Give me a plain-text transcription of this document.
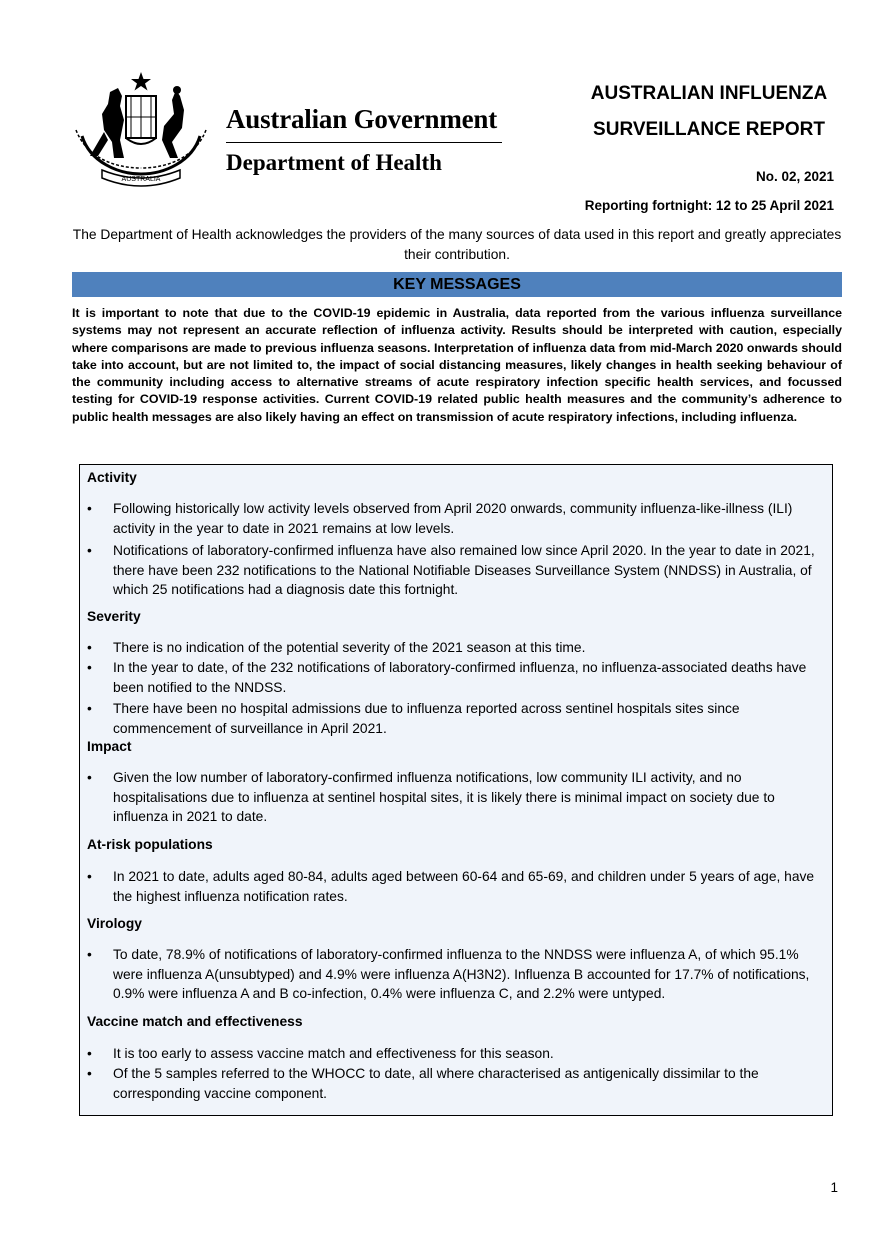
AUSTRALIA
Australian Government
Department of Health
AUSTRALIAN INFLUENZA
SURVEILLANCE REPORT
No. 02, 2021
Reporting fortnight: 12 to 25 April 2021
The Department of Health acknowledges the providers of the many sources of data used in this report and greatly appreciates their contribution.
KEY MESSAGES
It is important to note that due to the COVID-19 epidemic in Australia, data reported from the various influenza surveillance systems may not represent an accurate reflection of influenza activity. Results should be interpreted with caution, especially where comparisons are made to previous influenza seasons. Interpretation of influenza data from mid-March 2020 onwards should take into account, but are not limited to, the impact of social distancing measures, likely changes in health seeking behaviour of the community including access to alternative streams of acute respiratory infection specific health services, and focussed testing for COVID-19 response activities. Current COVID-19 related public health measures and the community’s adherence to public health messages are also likely having an effect on transmission of acute respiratory infections, including influenza.
Activity
•	Following historically low activity levels observed from April 2020 onwards, community influenza-like-illness (ILI) activity in the year to date in 2021 remains at low levels.
•	Notifications of laboratory-confirmed influenza have also remained low since April 2020. In the year to date in 2021, there have been 232 notifications to the National Notifiable Diseases Surveillance System (NNDSS) in Australia, of which 25 notifications had a diagnosis date this fortnight.
Severity
•	There is no indication of the potential severity of the 2021 season at this time.
•	In the year to date, of the 232 notifications of laboratory-confirmed influenza, no influenza-associated deaths have been notified to the NNDSS.
•	There have been no hospital admissions due to influenza reported across sentinel hospitals sites since commencement of surveillance in April 2021.
Impact
•	Given the low number of laboratory-confirmed influenza notifications, low community ILI activity, and no hospitalisations due to influenza at sentinel hospital sites, it is likely there is minimal impact on society due to influenza in 2021 to date.
At-risk populations
•	In 2021 to date, adults aged 80-84, adults aged between 60-64 and 65-69, and children under 5 years of age, have the highest influenza notification rates.
Virology
•	To date, 78.9% of notifications of laboratory-confirmed influenza to the NNDSS were influenza A, of which 95.1% were influenza A(unsubtyped) and 4.9% were influenza A(H3N2). Influenza B accounted for 17.7% of notifications, 0.9% were influenza A and B co-infection, 0.4% were influenza C, and 2.2% were untyped.
Vaccine match and effectiveness
•	It is too early to assess vaccine match and effectiveness for this season.
•	Of the 5 samples referred to the WHOCC to date, all where characterised as antigenically dissimilar to the corresponding vaccine component.
1
